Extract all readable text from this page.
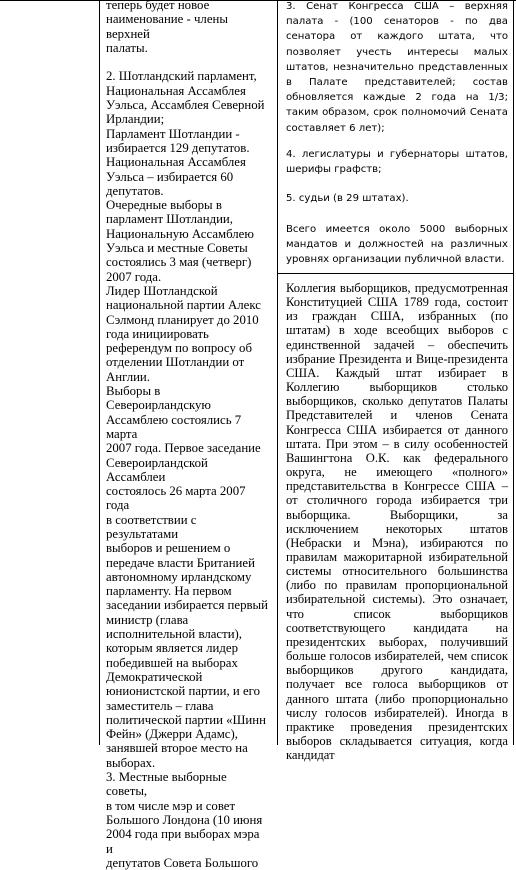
теперь будет новое

наименование - члены верхней

палаты.

2. Шотландский парламент,

Национальная Ассамблея

Уэльса, Ассамблея Северной

Ирландии;

Парламент Шотландии -

избирается 129 депутатов.

Национальная Ассамблея

Уэльса – избирается 60

депутатов.

Очередные выборы в

парламент Шотландии,

Национальную Ассамблею

Уэльса и местные Советы

состоялись 3 мая (четверг)

2007 года.

Лидер Шотландской

национальной партии Алекс

Сэлмонд планирует до 2010

года инициировать

референдум по вопросу об

отделении Шотландии от

Англии.

Выборы в Североирландскую

Ассамблею состоялись 7 марта

2007 года. Первое заседание

Североирландской Ассамблеи

состоялось 26 марта 2007 года

в соответствии с результатами

выборов и решением о

передаче власти Британией

автономному ирландскому

парламенту. На первом

заседании избирается первый

министр (глава

исполнительной власти),

которым является лидер

победившей на выборах

Демократической

юнионистской партии, и его

заместитель – глава

политической партии «Шинн

Фейн» (Джерри Адамс),

занявшей второе место на

выборах.

3. Местные выборные советы,

в том числе мэр и совет

Большого Лондона (10 июня

2004 года при выборах мэра и

депутатов Совета Большого

3. Сенат Конгресса США – верхняя палата - (100 сенаторов - по два сенатора от каждого штата, что позволяет учесть интересы малых штатов, незначительно представленных в Палате представителей; состав обновляется каждые 2 года на 1/3; таким образом, срок полномочий Сената составляет 6 лет);

4. легислатуры и губернаторы штатов, шерифы графств;

5. судьи (в 29 штатах).

Всего имеется около 5000 выборных мандатов и должностей на различных уровнях организации публичной власти.

Коллегия выборщиков, предусмотренная Конституцией США 1789 года, состоит из граждан США, избранных (по штатам) в ходе всеобщих выборов с единственной задачей – обеспечить избрание Президента и Вице-президента США. Каждый штат избирает в Коллегию выборщиков столько выборщиков, сколько депутатов Палаты Представителей и членов Сената Конгресса США избирается от данного штата. При этом – в силу особенностей Вашингтона О.К. как федерального округа, не имеющего «полного» представительства в Конгрессе США – от столичного города избирается три выборщика. Выборщики, за исключением некоторых штатов (Небраски и Мэна), избираются по правилам мажоритарной избирательной системы относительного большинства (либо по правилам пропорциональной избирательной системы). Это означает, что список выборщиков соответствующего кандидата на президентских выборах, получивший больше голосов избирателей, чем список выборщиков другого кандидата, получает все голоса выборщиков от данного штата (либо пропорционально числу голосов избирателей). Иногда в практике проведения президентских выборов складывается ситуация, когда кандидат
